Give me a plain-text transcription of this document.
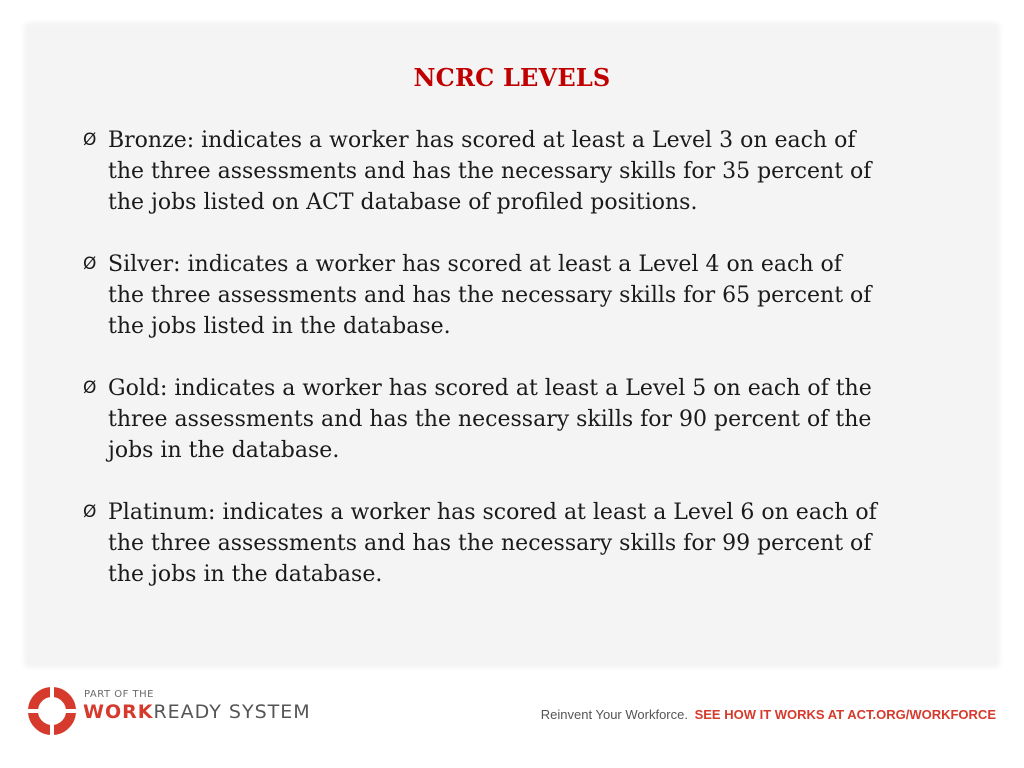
NCRC LEVELS
Ø Bronze: indicates a worker has scored at least a Level 3 on each of the three assessments and has the necessary skills for 35 percent of the jobs listed on ACT database of profiled positions.
Ø Silver: indicates a worker has scored at least a Level 4 on each of the three assessments and has the necessary skills for 65 percent of the jobs listed in the database.
Ø Gold: indicates a worker has scored at least a Level 5 on each of the three assessments and has the necessary skills for 90 percent of the jobs in the database.
Ø Platinum: indicates a worker has scored at least a Level 6 on each of the three assessments and has the necessary skills for 99 percent of the jobs in the database.
PART OF THE
WORKREADY SYSTEM	Reinvent Your Workforce. SEE HOW IT WORKS AT ACT.ORG/WORKFORCE
